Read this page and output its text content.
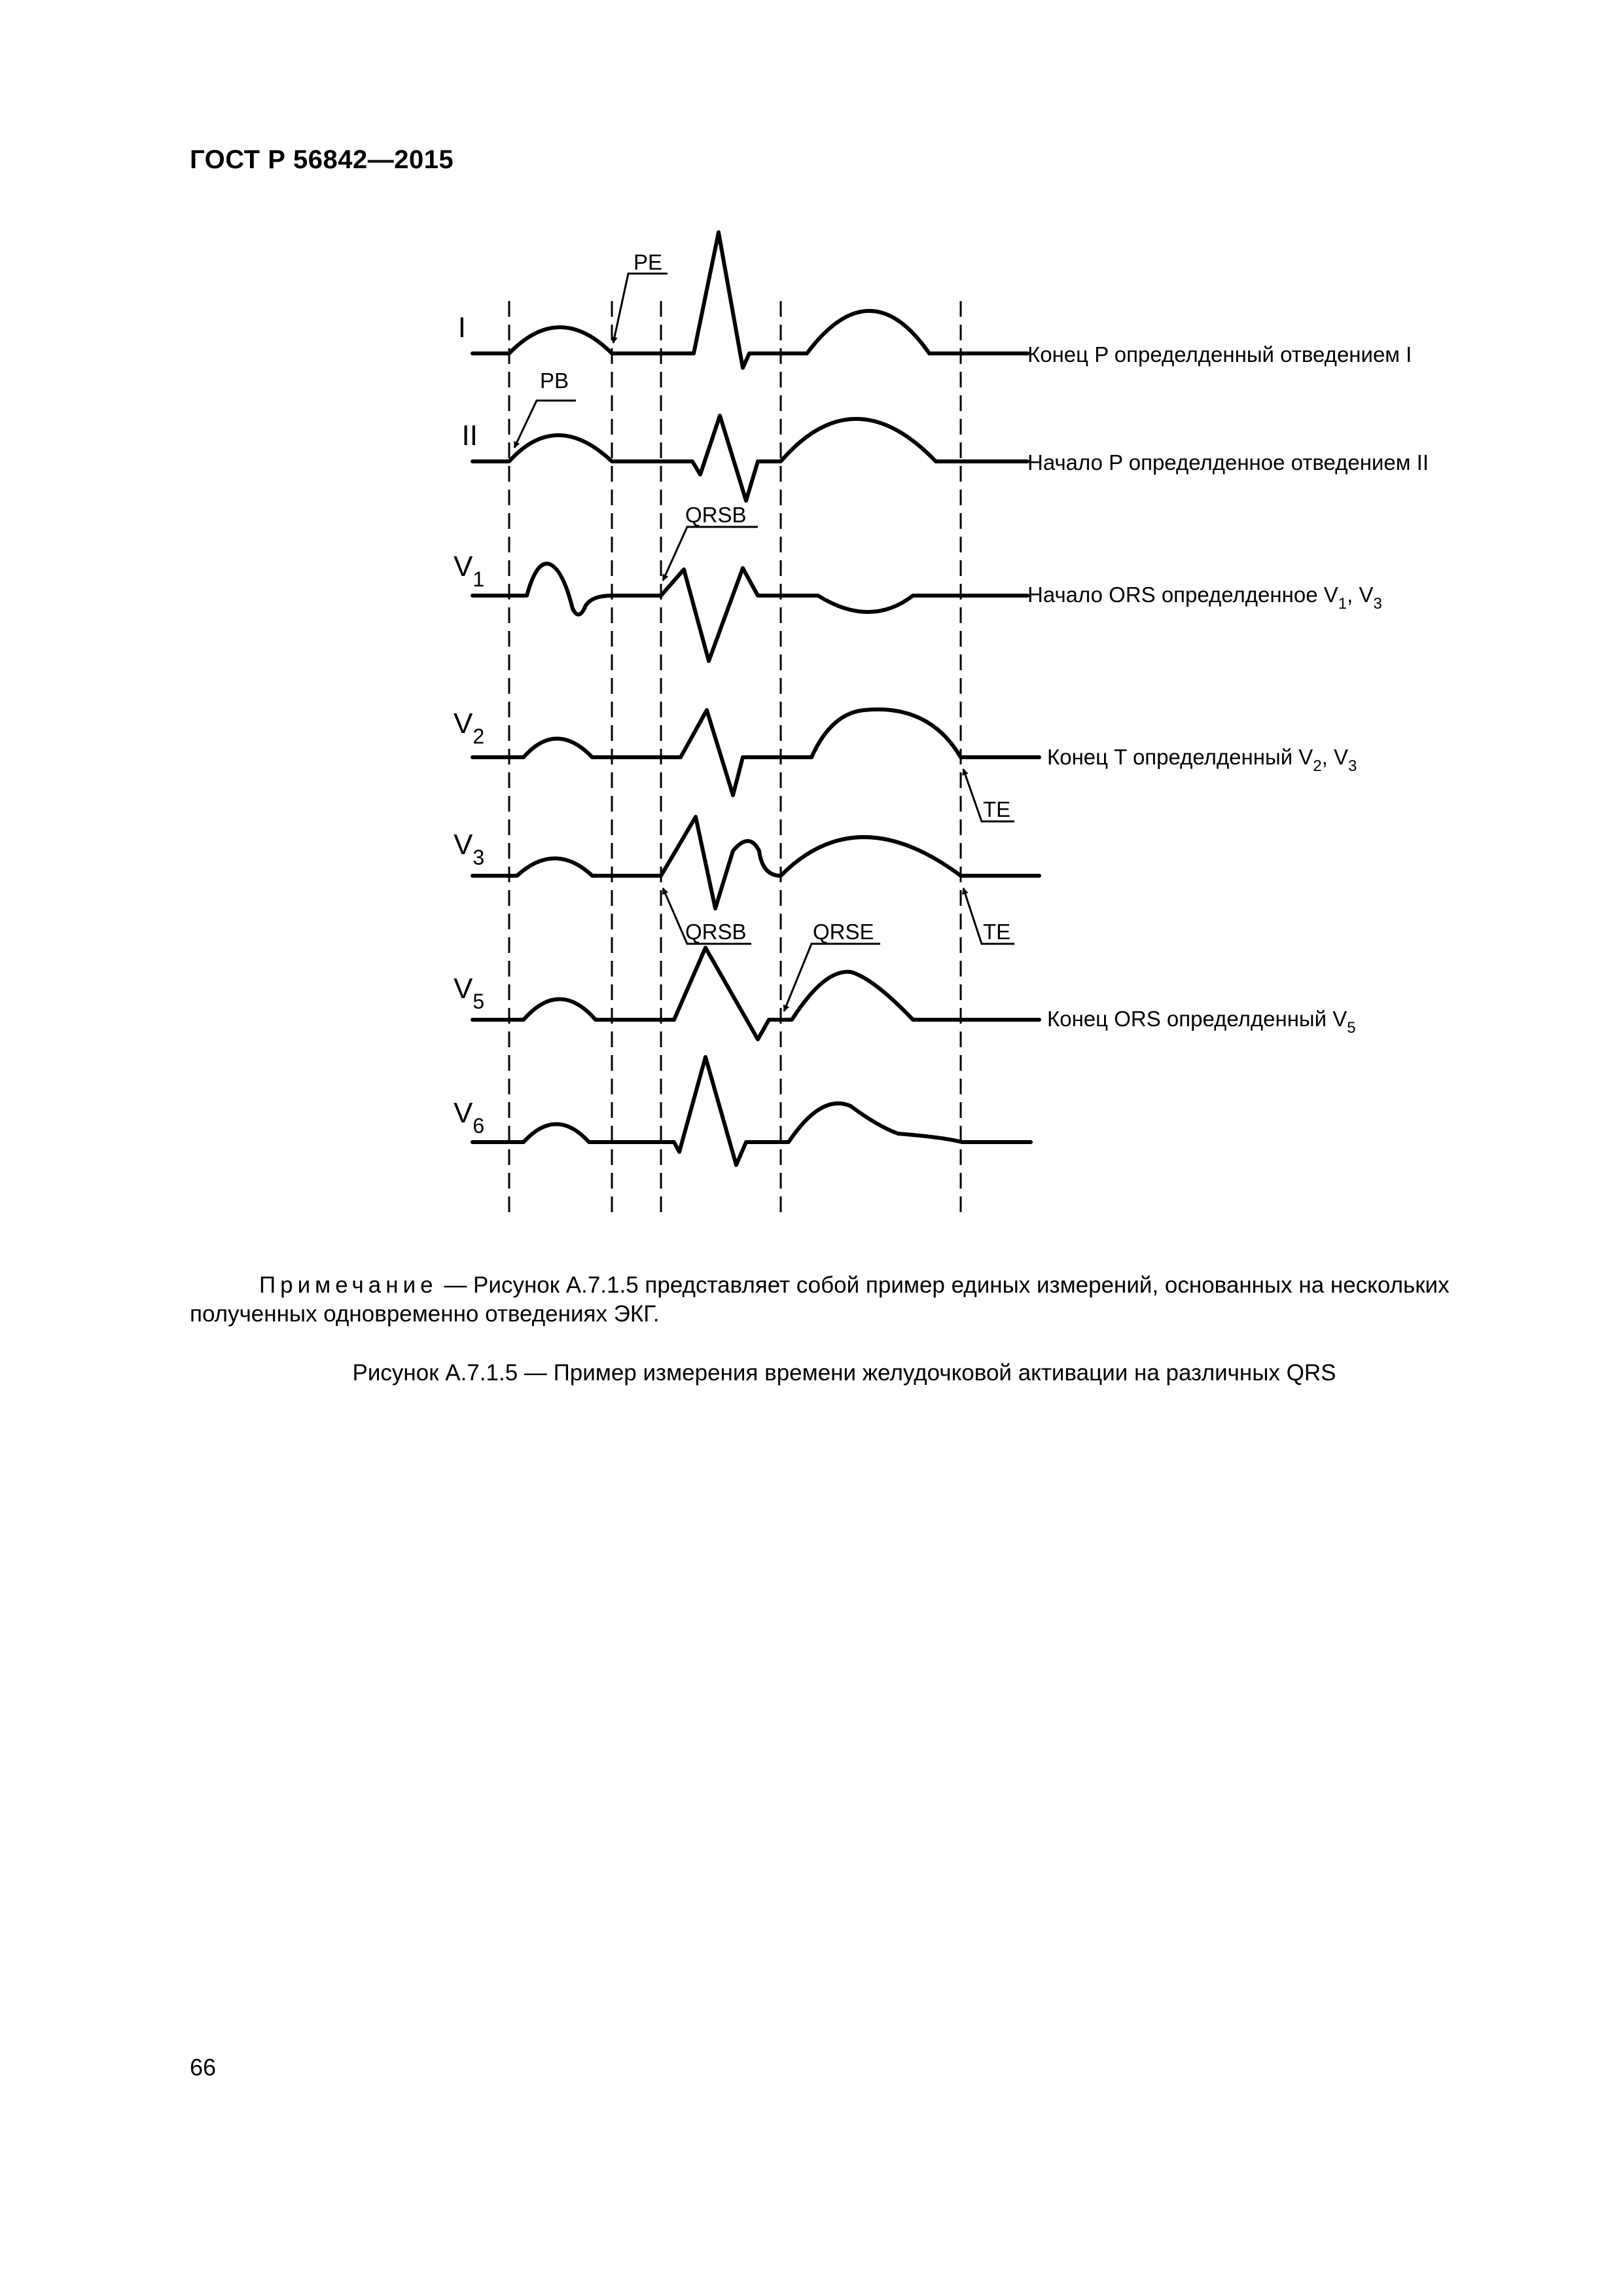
ГОСТ Р 56842—2015
I
II
$V_1$
$V_2$
$V_3$
$V_5$
$V_6$
PE
PB
QRSB
TE
QRSB	QRSE	TE
Конец P определденный отведением I
Начало P определденное отведением II
Начало ORS определденное $V_1$, $V_3$
Конец T определденный $V_2$, $V_3$
Конец ORS определденный $V_5$
Примечание — Рисунок A.7.1.5 представляет собой пример единых измерений, основанных на нескольких полученных одновременно отведениях ЭКГ.
Рисунок A.7.1.5 — Пример измерения времени желудочковой активации на различных QRS
66
